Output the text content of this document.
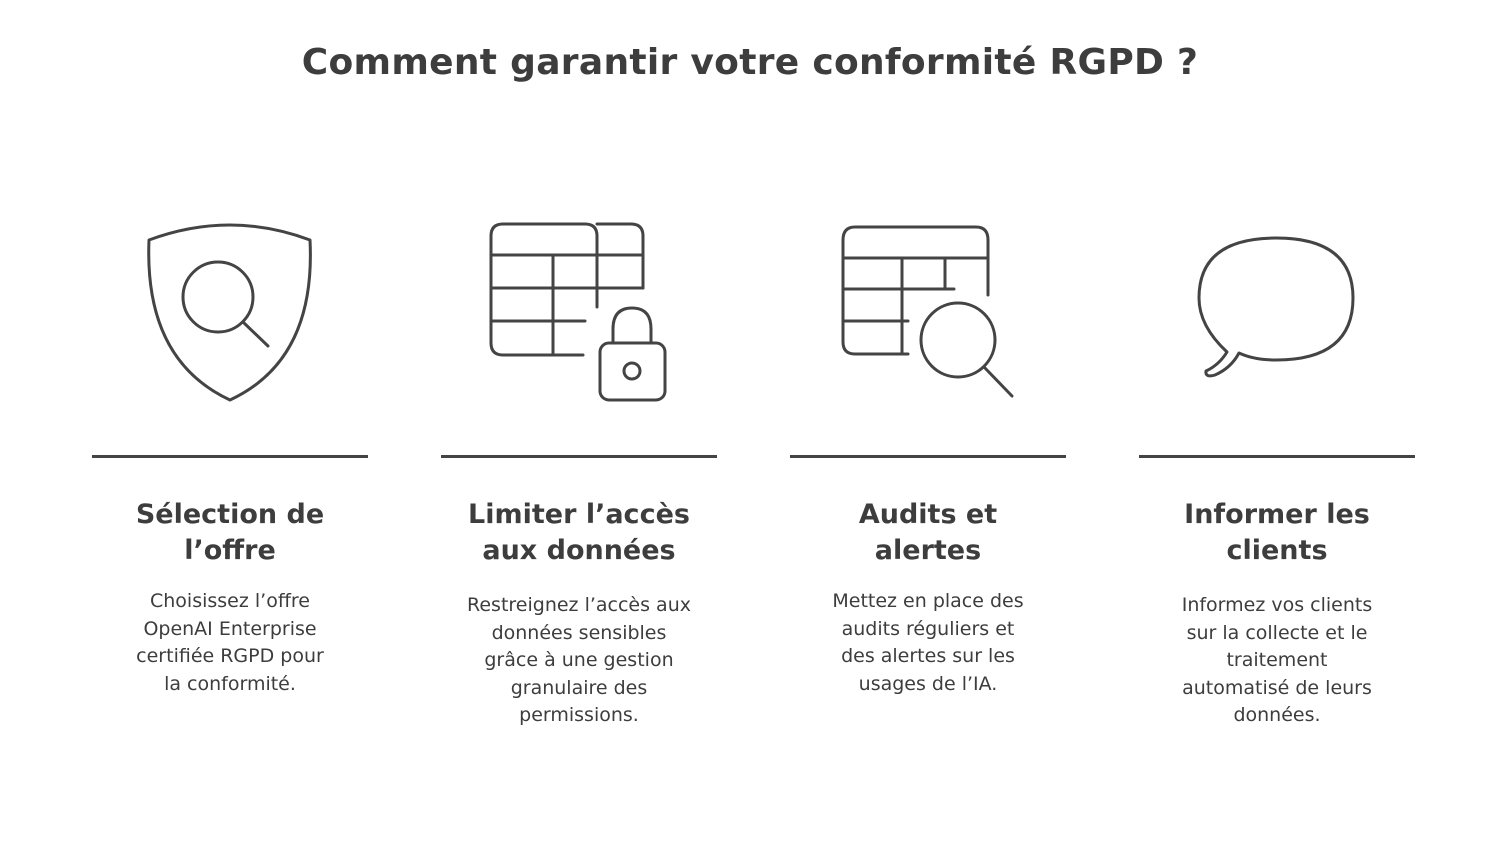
Comment garantir votre conformité RGPD ?
Sélection de
l’offre

Choisissez l’offre
OpenAI Enterprise
certifiée RGPD pour
la conformité.

Limiter l’accès
aux données

Restreignez l’accès aux
données sensibles
grâce à une gestion
granulaire des
permissions.

Audits et
alertes

Mettez en place des
audits réguliers et
des alertes sur les
usages de l’IA.

Informer les
clients

Informez vos clients
sur la collecte et le
traitement
automatisé de leurs
données.
